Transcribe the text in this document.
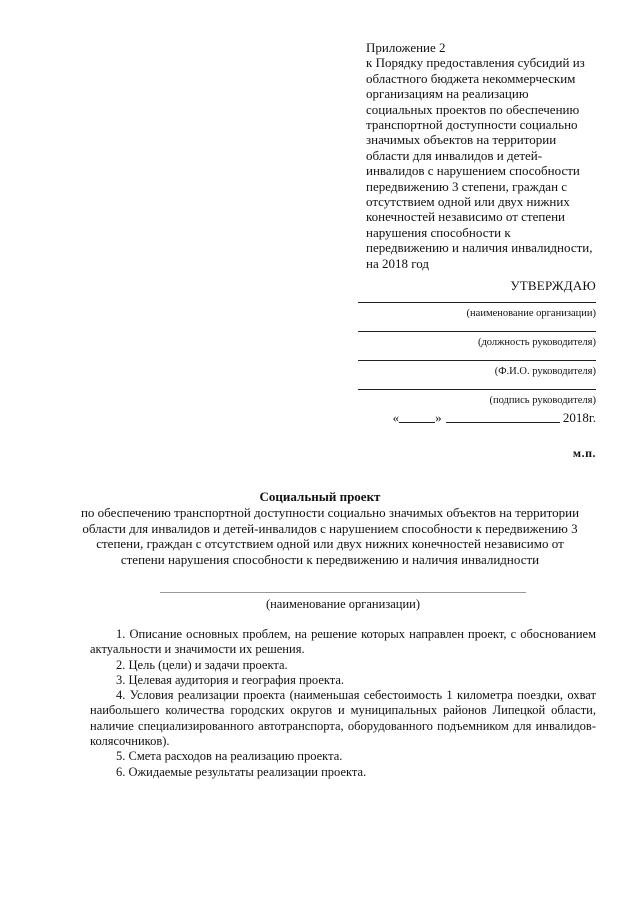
Приложение 2
к Порядку предоставления субсидий из
областного бюджета некоммерческим
организациям на реализацию
социальных проектов по обеспечению
транспортной доступности социально
значимых объектов на территории
области для инвалидов и детей-
инвалидов с нарушением способности
передвижению 3 степени, граждан с
отсутствием одной или двух нижних
конечностей независимо от степени
нарушения способности к
передвижению и наличия инвалидности,
на 2018 год
УТВЕРЖДАЮ
(наименование организации)
(должность руководителя)
(Ф.И.О. руководителя)
(подпись руководителя)
«	»	2018г.
м.п.
Социальный проект
по обеспечению транспортной доступности социально значимых объектов на территории
области для инвалидов и детей-инвалидов с нарушением способности к передвижению 3
степени, граждан с отсутствием одной или двух нижних конечностей независимо от
степени нарушения способности к передвижению и наличия инвалидности
(наименование организации)
1. Описание основных проблем, на решение которых направлен проект, с обоснованием актуальности и значимости их решения.
2. Цель (цели) и задачи проекта.
3. Целевая аудитория и география проекта.
4. Условия реализации проекта (наименьшая себестоимость 1 километра поездки, охват наибольшего количества городских округов и муниципальных районов Липецкой области, наличие специализированного автотранспорта, оборудованного подъемником для инвалидов-колясочников).
5. Смета расходов на реализацию проекта.
6. Ожидаемые результаты реализации проекта.
